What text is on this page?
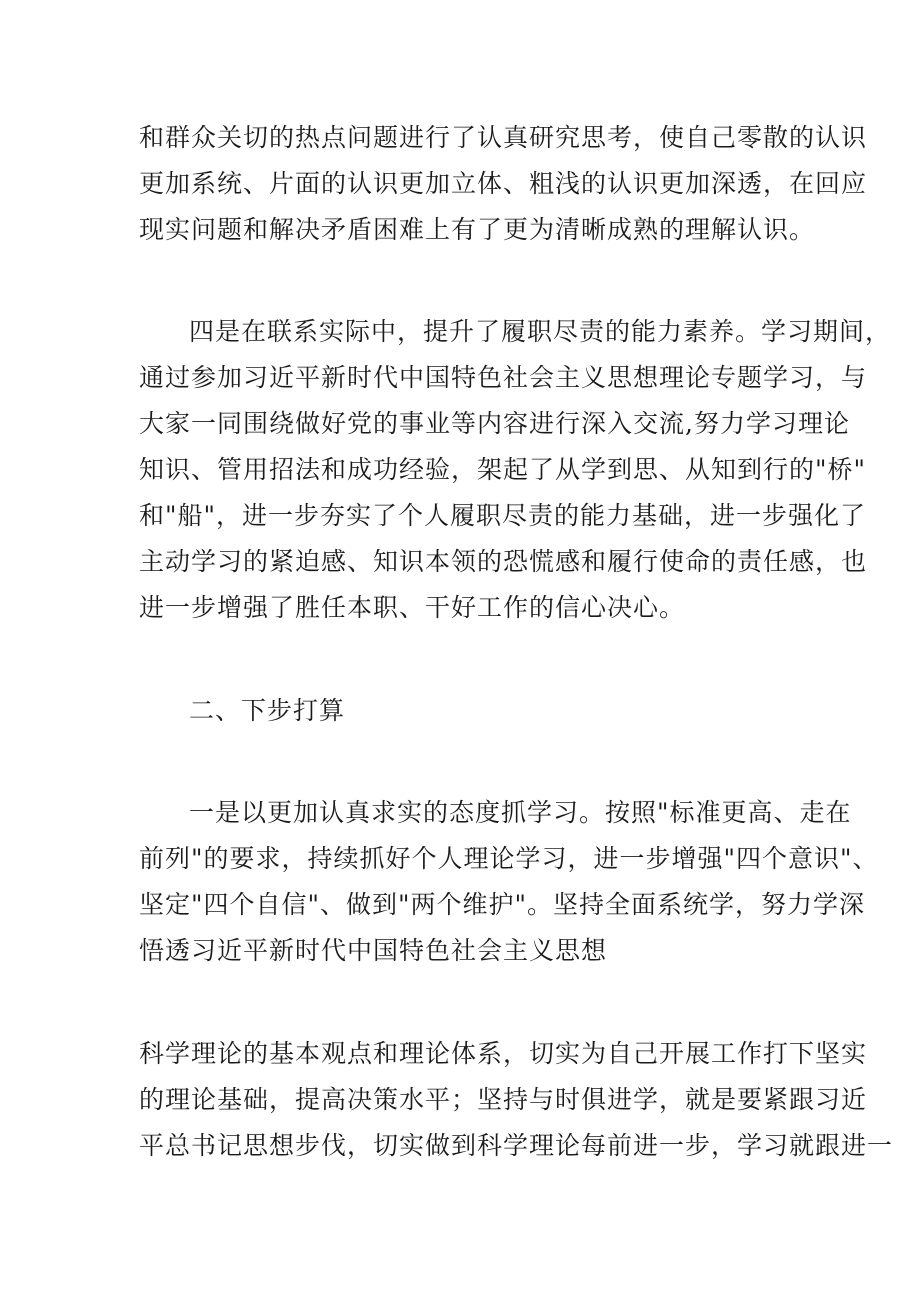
和群众关切的热点问题进行了认真研究思考，使自己零散的认识
更加系统、片面的认识更加立体、粗浅的认识更加深透，在回应
现实问题和解决矛盾困难上有了更为清晰成熟的理解认识。
四是在联系实际中，提升了履职尽责的能力素养。学习期间，
通过参加习近平新时代中国特色社会主义思想理论专题学习，与
大家一同围绕做好党的事业等内容进行深入交流,努力学习理论
知识、管用招法和成功经验，架起了从学到思、从知到行的"桥"
和"船"，进一步夯实了个人履职尽责的能力基础，进一步强化了
主动学习的紧迫感、知识本领的恐慌感和履行使命的责任感，也
进一步增强了胜任本职、干好工作的信心决心。
二、下步打算
一是以更加认真求实的态度抓学习。按照"标准更高、走在
前列"的要求，持续抓好个人理论学习，进一步增强"四个意识"、
坚定"四个自信"、做到"两个维护"。坚持全面系统学，努力学深
悟透习近平新时代中国特色社会主义思想
科学理论的基本观点和理论体系，切实为自己开展工作打下坚实
的理论基础，提高决策水平；坚持与时俱进学，就是要紧跟习近
平总书记思想步伐，切实做到科学理论每前进一步，学习就跟进一
